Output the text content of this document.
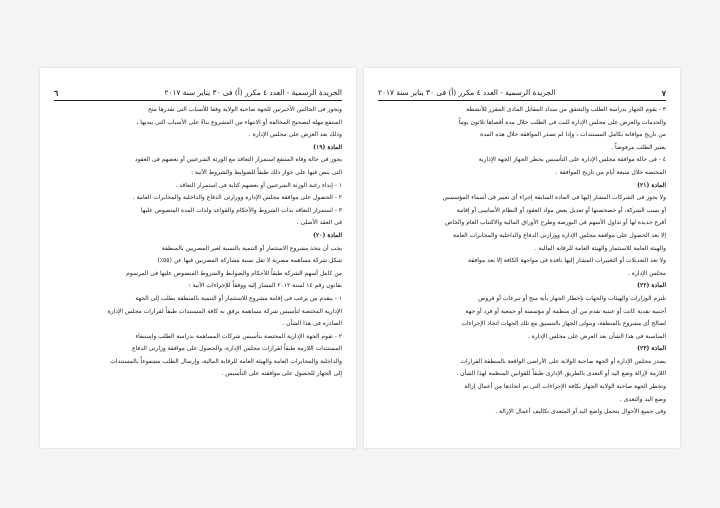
الجريدة الرسمية - العدد ٤ مكرر (أ) فى ٣٠ يناير سنة ٢٠١٧
٦

ويجوز فى الحالتين الأخيرتين للجهة صاحبة الولاية وفقا للأسباب التى تقدرها منح

المتنفع مهلة لتصحيح المخالفة أو الانتهاء من المشروع بناءً على الأسباب التى يبديها ،

وذلك بعد العرض على مجلس الإدارة .

المادة (١٩)

يجوز فى حالة وفاة المتنفع استمرار التعاقد مع الورثة الشرعيين أو بعضهم فى العقود

التى ينص فيها على جواز ذلك طبقاً للضوابط والشروط الآتية :

١ - إبداء رغبة الورثة الشرعيين أو بعضهم كتابة فى استمرار التعاقد .

٢ - الحصول على موافقة مجلس الإدارة ووزارتى الدفاع والداخلية والمخابرات العامة .

٣ - استمرار التعاقد بذات الشروط والأحكام والقواعد ولذات المدة المنصوص عليها

فى العقد الأصلى .

المادة (٢٠)

يجب أن يتخذ مشروع الاستثمار أو التنمية بالنسبة لغير المصريين بالمنطقة

شكل شركة مساهمة مصرية لا تقل نسبة مشاركة المصريين فيها عن (٥٥٪)

من كامل أسهم الشركة طبقاً للأحكام والضوابط والشروط المنصوص عليها فى المرسوم

بقانون رقم ١٤ لسنة ٢٠١٢ المشار إليه ووفقاً للإجراءات الآتية :

١ - يتقدم من يرغب فى إقامة مشروع للاستثمار أو التنمية بالمنطقة بطلب إلى الجهة

الإدارية المختصة لتأسيس شركة مساهمة يرفق به كافة المستندات طبقاً لقرارات مجلس الإدارة

الصادرة فى هذا الشأن .

٢ - تقوم الجهة الإدارية المختصة بتأسيس شركات المساهمة بدراسة الطلب واستيفاء

المستندات اللازمة طبقاً لقرارات مجلس الإدارة، والحصول على موافقة وزارتى الدفاع

والداخلية والمخابرات العامة والهيئة العامة للرقابة المالية، وإرسال الطلب مشفوعاً بالمستندات

إلى الجهاز للحصول على موافقته على التأسيس .

٧
الجريدة الرسمية - العدد ٤ مكرر (أ) فى ٣٠ يناير سنة ٢٠١٧

٣ - يقوم الجهاز بدراسة الطلب والتحقق من سداد المقابل المادى المقرر للأنشطة

والخدمات والعرض على مجلس الإدارة للبت فى الطلب خلال مدة أقصاها ثلاثون يوماً

من تاريخ موافاته بكامل المستندات ، وإذا لم تصدر الموافقة خلال هذه المدة

يعتبر الطلب مرفوضاً .

٤ - فى حالة موافقة مجلس الإدارة على التأسيس يخطر الجهاز الجهة الإدارية

المختصة خلال سبعة أيام من تاريخ الموافقة .

المادة (٢١)

ولا يجوز فى الشركات المشار إليها فى المادة السابقة إجراء أى تغيير فى أسماء المؤسسين

أو نسب الشركة، أو خصخصتها أو تعديل بعض مواد العقود أو النظام الأساسى أو إقامة

أفرع جديدة لها أو تداول الأسهم فى البورصة وطرح الأوراق المالية والاكتتاب العام والخاص

إلا بعد الحصول على موافقة مجلس الإدارة ووزارتى الدفاع والداخلية والمخابرات العامة

والهيئة العامة للاستثمار والهيئة العامة للرقابة المالية .

ولا تعد التعديلات أو التغييرات المشار إليها نافذة فى مواجهة الكافة إلا بعد موافقة

مجلس الإدارة .

المادة (٢٢)

تلتزم الوزارات والهيئات والجهات بإخطار الجهاز بأية منح أو تبرعات أو قروض

أجنبية نقدية كانت أو عينية تقدم من أى منظمة أو مؤسسة أو جمعية أو فرد أو جهة

لصالح أى مشروع بالمنطقة، وبتولى الجهاز بالتنسيق مع تلك الجهات اتخاذ الإجراءات

المناسبة فى هذا الشأن بعد العرض على مجلس الإدارة .

المادة (٢٣)

يصدر مجلس الإدارة أو الجهة صاحبة الولاية على الأراضى الواقعة بالمنطقة القرارات

اللازمة لإزالة وضع اليد أو التعدى بالطريق الإدارى طبقاً للقوانين المنظمة لهذا الشأن .

وتخطر الجهة صاحبة الولاية الجهاز بكافة الإجراءات التى تم اتخاذها من أعمال إزالة

وضع اليد والتعدى .

وفى جميع الأحوال يتحمل واضع اليد أو المتعدى تكاليف أعمال الإزالة .
